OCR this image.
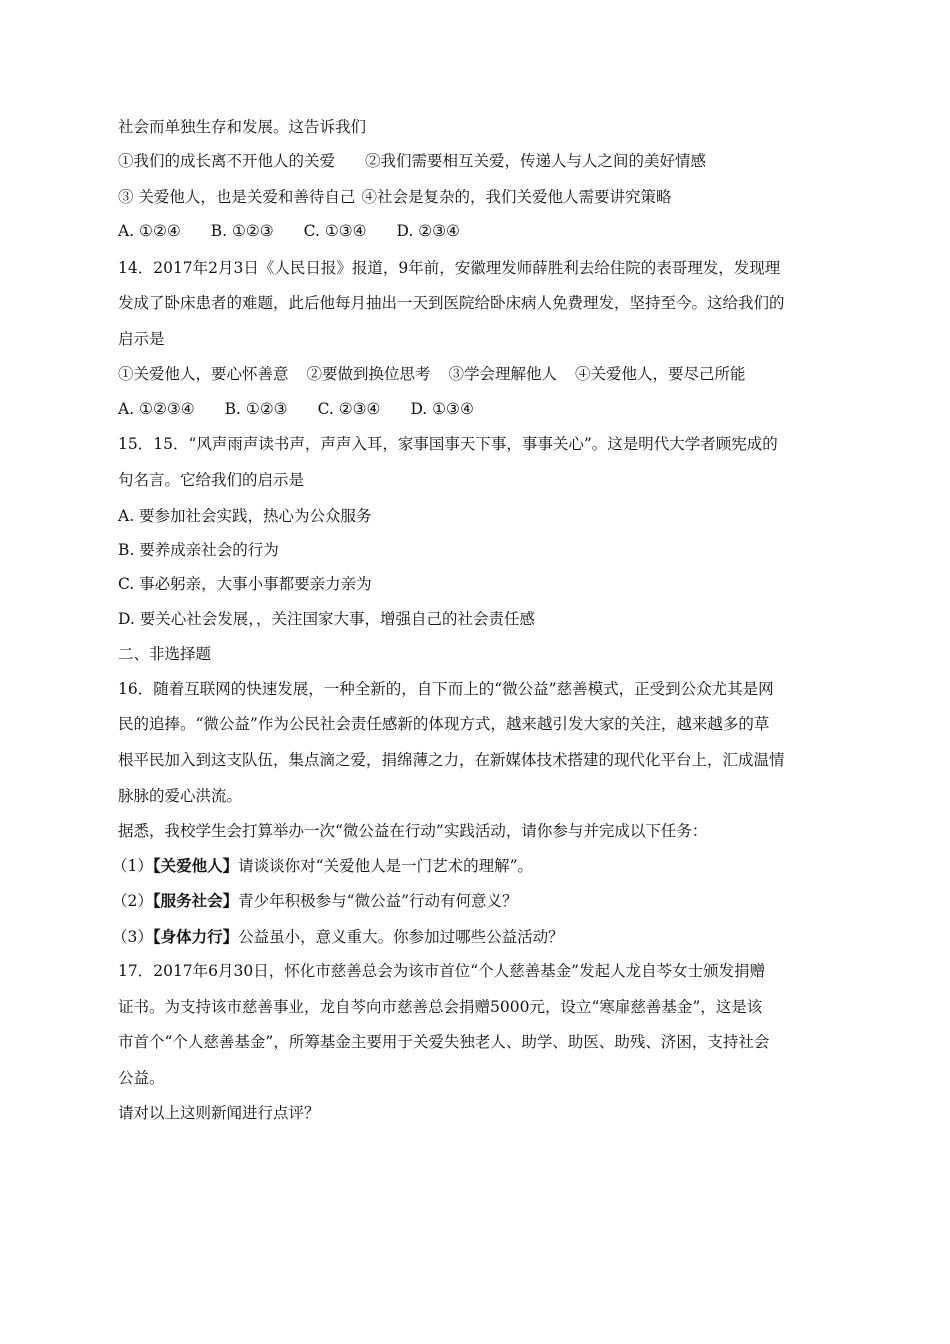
社会而单独生存和发展。这告诉我们
①我们的成长离不开他人的关爱 ②我们需要相互关爱，传递人与人之间的美好情感
③ 关爱他人，也是关爱和善待自己 ④社会是复杂的，我们关爱他人需要讲究策略
A. ①②④ B. ①②③ C. ①③④ D. ②③④
14．2017年2月3日《人民日报》报道，9年前，安徽理发师薛胜利去给住院的表哥理发，发现理
发成了卧床患者的难题，此后他每月抽出一天到医院给卧床病人免费理发，坚持至今。这给我们的
启示是
①关爱他人，要心怀善意 ②要做到换位思考 ③学会理解他人 ④关爱他人，要尽己所能
A. ①②③④ B. ①②③ C. ②③④ D. ①③④
15．15．“风声雨声读书声，声声入耳，家事国事天下事，事事关心”。这是明代大学者顾宪成的
句名言。它给我们的启示是
A. 要参加社会实践，热心为公众服务
B. 要养成亲社会的行为
C. 事必躬亲，大事小事都要亲力亲为
D. 要关心社会发展，，关注国家大事，增强自己的社会责任感
二、非选择题
16．随着互联网的快速发展，一种全新的，自下而上的“微公益”慈善模式，正受到公众尤其是网
民的追捧。“微公益”作为公民社会责任感新的体现方式，越来越引发大家的关注，越来越多的草
根平民加入到这支队伍，集点滴之爱，捐绵薄之力，在新媒体技术搭建的现代化平台上，汇成温情
脉脉的爱心洪流。
据悉，我校学生会打算举办一次“微公益在行动”实践活动，请你参与并完成以下任务：
（1）【关爱他人】请谈谈你对“关爱他人是一门艺术的理解”。
（2）【服务社会】青少年积极参与“微公益”行动有何意义？
（3）【身体力行】公益虽小，意义重大。你参加过哪些公益活动？
17．2017年6月30日，怀化市慈善总会为该市首位“个人慈善基金”发起人龙自芩女士颁发捐赠
证书。为支持该市慈善事业，龙自芩向市慈善总会捐赠5000元，设立“寒扉慈善基金”，这是该
市首个“个人慈善基金”，所筹基金主要用于关爱失独老人、助学、助医、助残、济困，支持社会
公益。
请对以上这则新闻进行点评？
